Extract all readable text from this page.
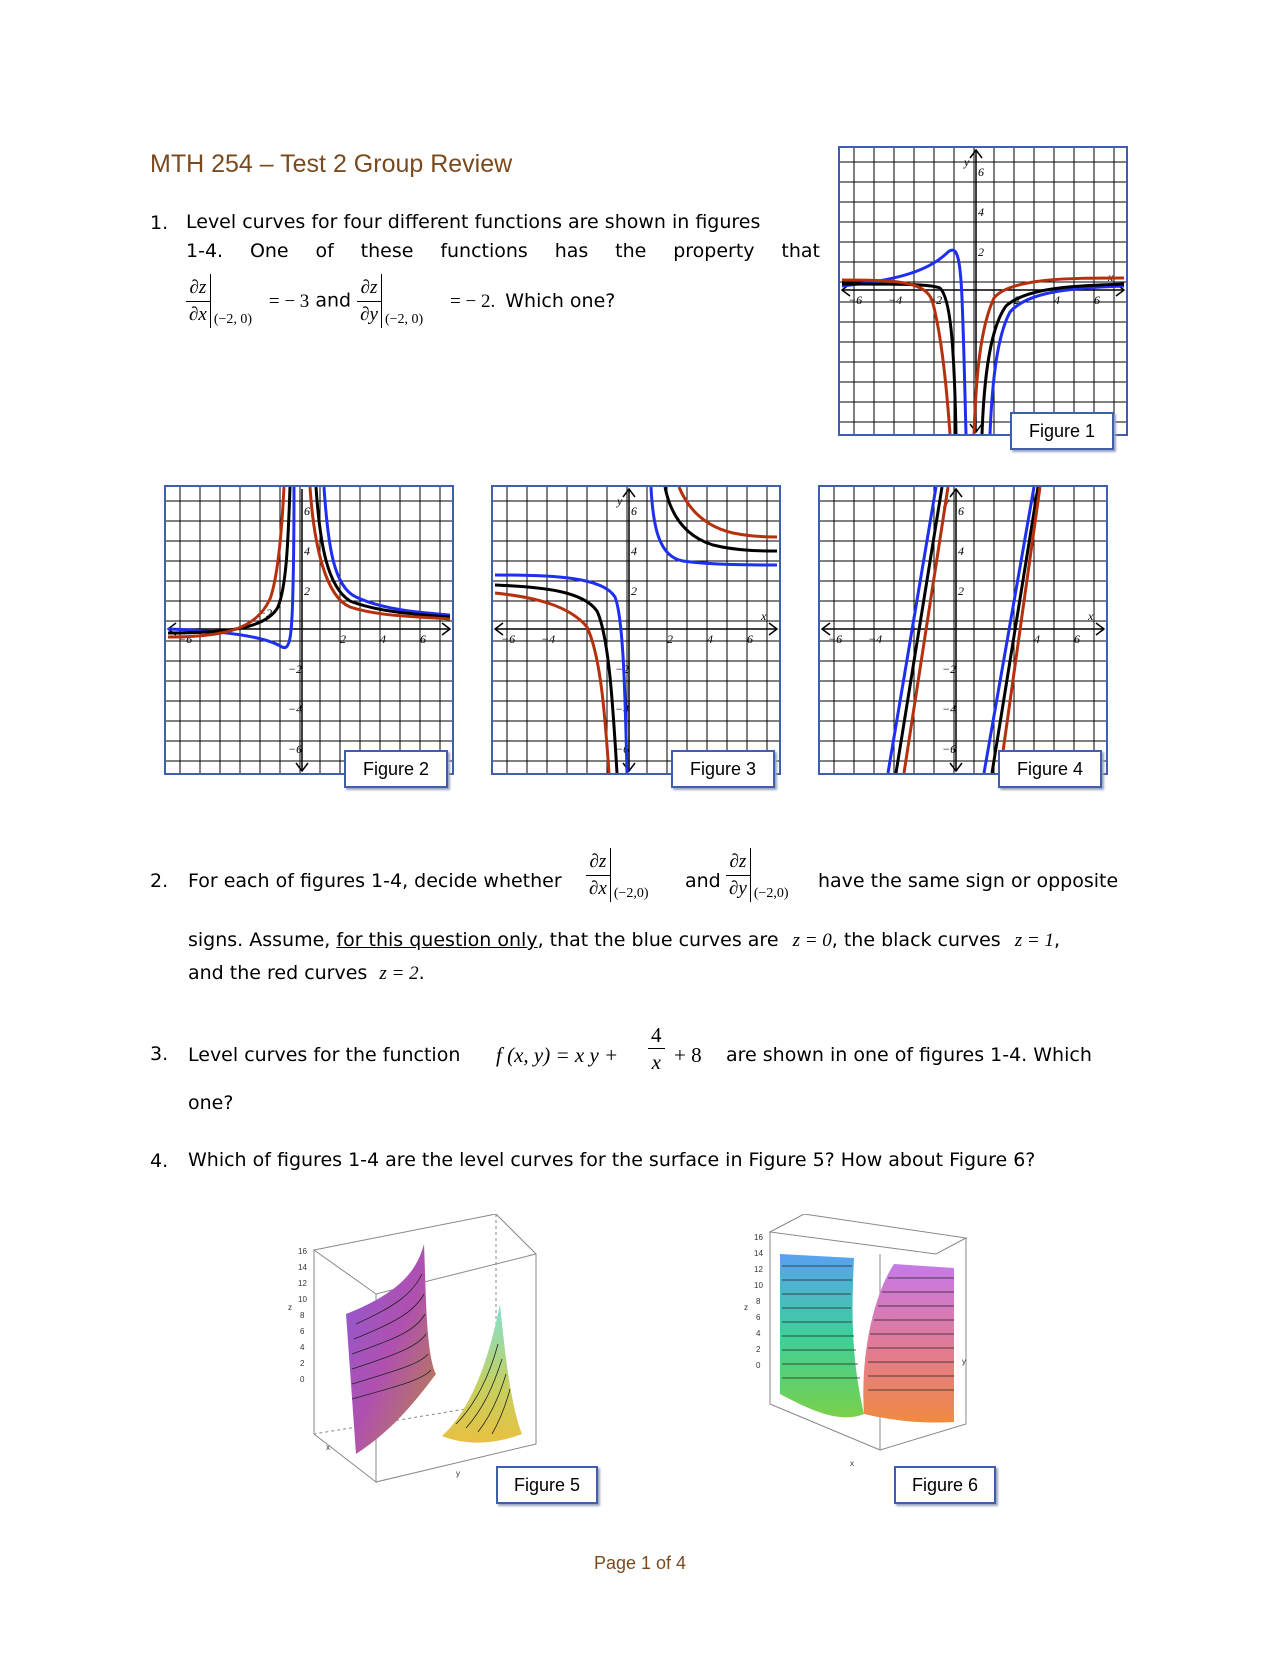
MTH 254 – Test 2 Group Review
1. Level curves for four different functions are shown in figures
1-4. One of these functions has the property that
$\frac{\partial z}{\partial x} (-2$, 0)
= − 3 and $\frac{\partial z}{\partial y} (-2$, 0)
= − 2. Which one?
x
y
2
4
6
2	4	6
−2
−4
−6
Figure 1
2	4	6
−2
−6
−2
−4
−6
2
4
6
Figure 2
x
y
2
4
6
2	4	6
−4
−6
−2
−4
−6
Figure 3
x
y
2
4
6
4	6
−4
−6
−2
−4
−6
Figure 4
2. For each of figures 1-4, decide whether $\frac{\partial z}{\partial x} (-2,0)$
and $\frac{\partial z}{\partial y} (-2,0)$
have the same sign or opposite
signs. Assume, for this question only, that the blue curves are z = 0, the black curves z = 1,
and the red curves z = 2.
3. Level curves for the function f (x, y) = x $y + \frac{4}{x} + 8$ are shown in one of figures 1-4. Which
one?
4. Which of figures 1-4 are the level curves for the surface in Figure 5? How about Figure 6?
16
14
12
10
8
6
4
2
0
z
x
y
Figure 5
16
14
12
10
8
6
4
2
0
z
x
y
Figure 6
Page 1 of 4
